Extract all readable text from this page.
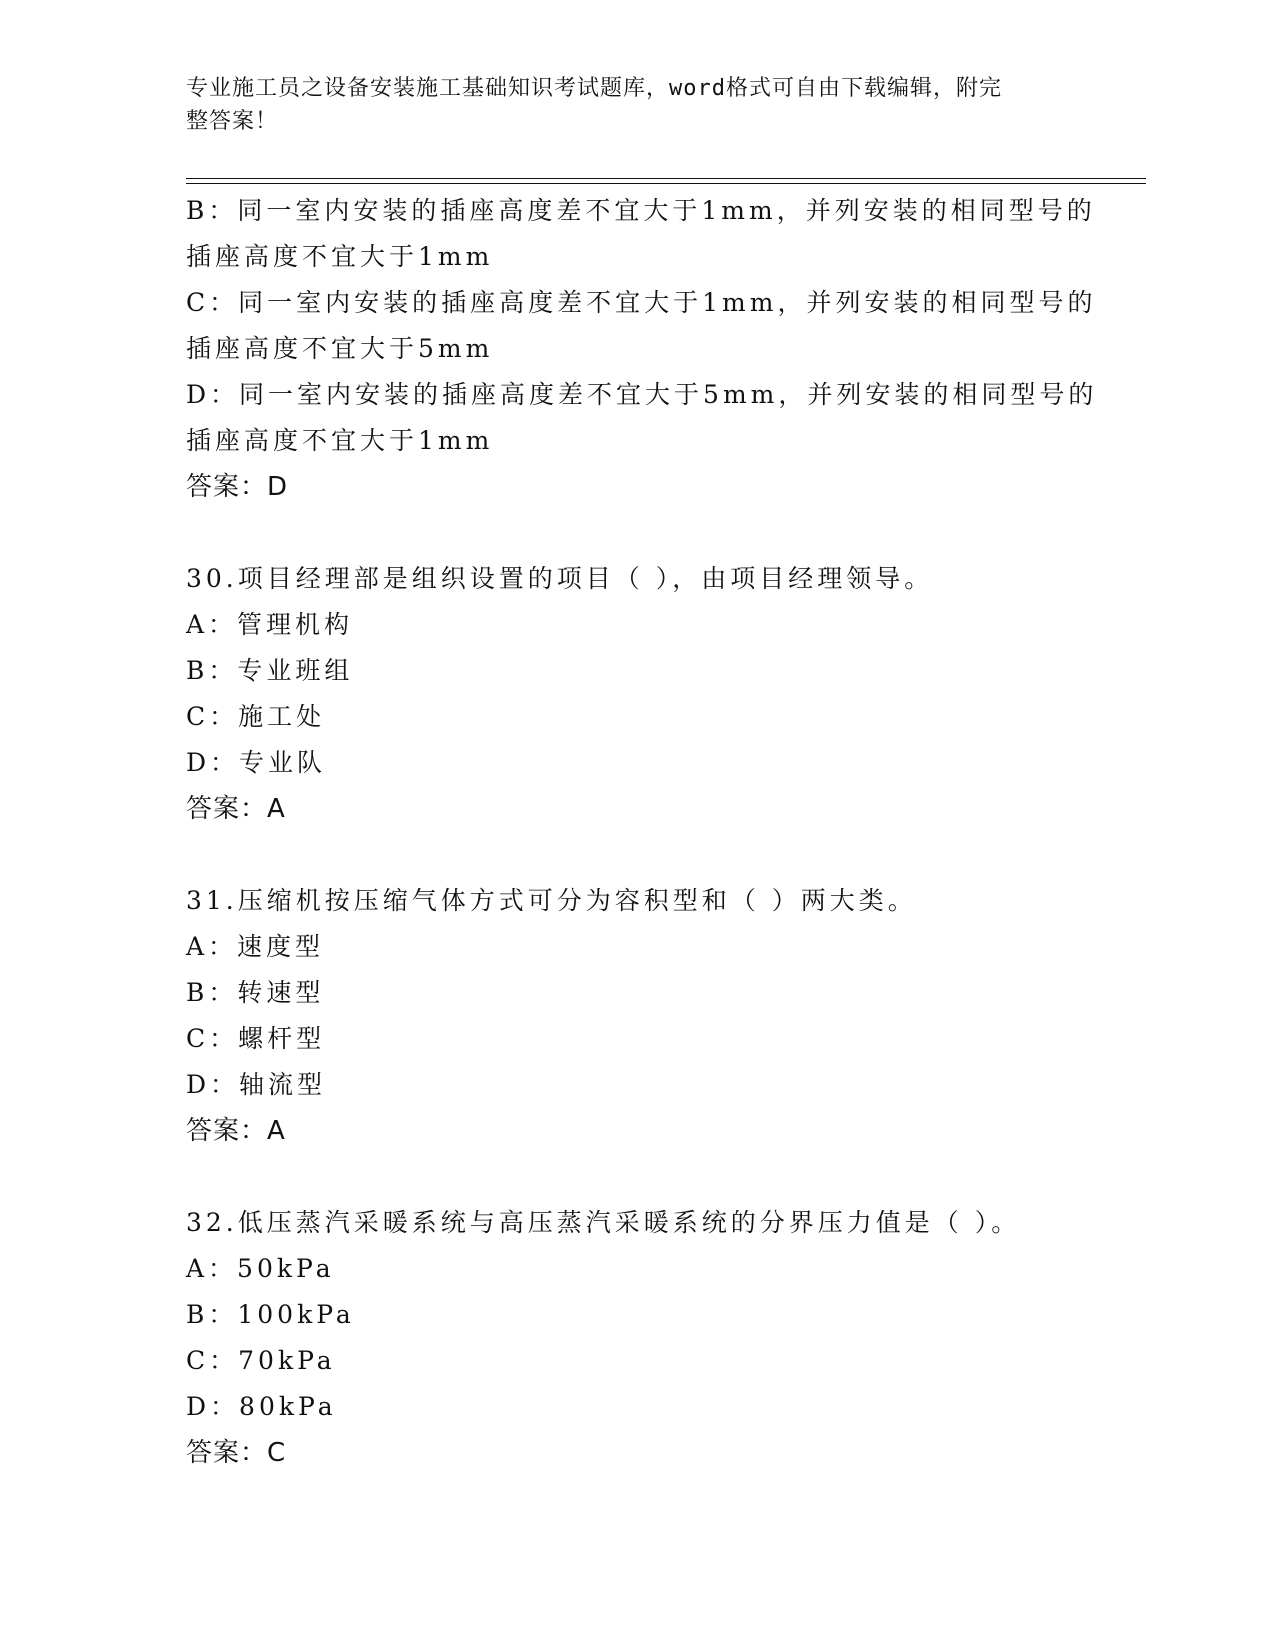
专业施工员之设备安装施工基础知识考试题库，word格式可自由下载编辑，附完
整答案！
B：同一室内安装的插座高度差不宜大于1mm，并列安装的相同型号的
插座高度不宜大于1mm
C：同一室内安装的插座高度差不宜大于1mm，并列安装的相同型号的
插座高度不宜大于5mm
D：同一室内安装的插座高度差不宜大于5mm，并列安装的相同型号的
插座高度不宜大于1mm
答案：D
30.项目经理部是组织设置的项目（ ），由项目经理领导。
A：管理机构
B：专业班组
C：施工处
D：专业队
答案：A
31.压缩机按压缩气体方式可分为容积型和（ ）两大类。
A：速度型
B：转速型
C：螺杆型
D：轴流型
答案：A
32.低压蒸汽采暖系统与高压蒸汽采暖系统的分界压力值是（ ）。
A：50kPa
B：100kPa
C：70kPa
D：80kPa
答案：C
